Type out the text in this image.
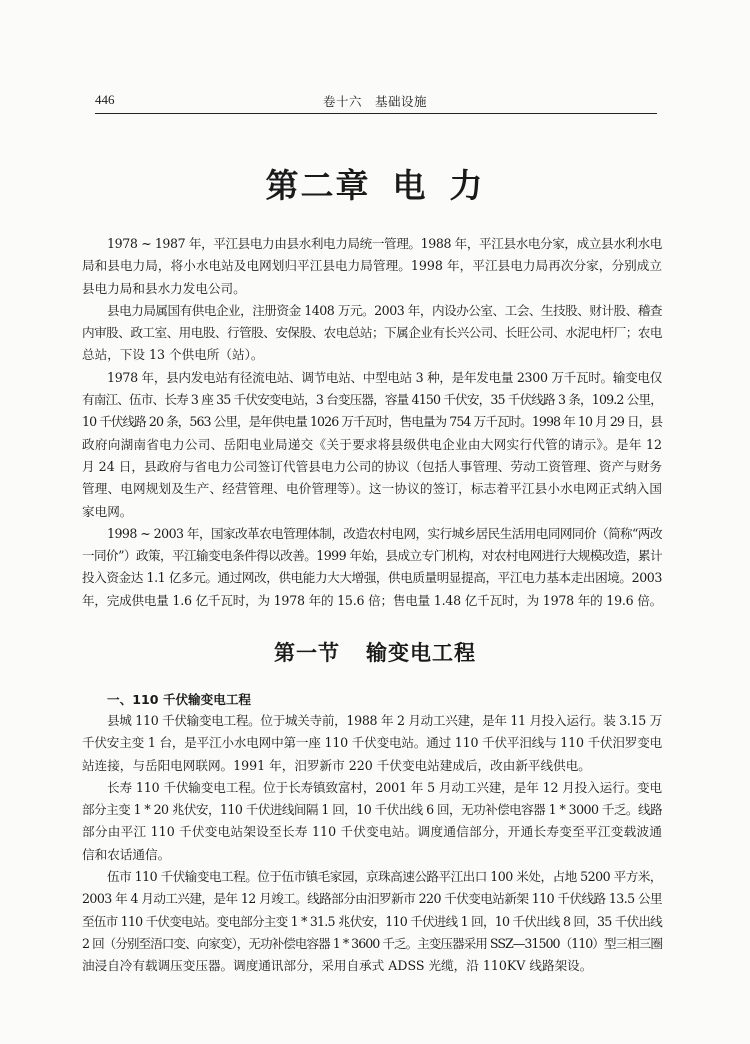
446	卷十六　基础设施
第二章 电 力
1978 ~ 1987 年，平江县电力由县水利电力局统一管理。1988 年，平江县水电分家，成立县水利水电
局和县电力局，将小水电站及电网划归平江县电力局管理。1998 年，平江县电力局再次分家，分别成立
县电力局和县水力发电公司。
县电力局属国有供电企业，注册资金 1408 万元。2003 年，内设办公室、工会、生技股、财计股、稽查
内审股、政工室、用电股、行管股、安保股、农电总站；下属企业有长兴公司、长旺公司、水泥电杆厂；农电
总站，下设 13 个供电所（站）。
1978 年，县内发电站有径流电站、调节电站、中型电站 3 种，是年发电量 2300 万千瓦时。输变电仅
有南江、伍市、长寿 3 座 35 千伏安变电站，3 台变压器，容量 4150 千伏安，35 千伏线路 3 条，109.2 公里，
10 千伏线路 20 条，563 公里，是年供电量 1026 万千瓦时，售电量为 754 万千瓦时。1998 年 10 月 29 日，县
政府向湖南省电力公司、岳阳电业局递交《关于要求将县级供电企业由大网实行代管的请示》。是年 12
月 24 日，县政府与省电力公司签订代管县电力公司的协议（包括人事管理、劳动工资管理、资产与财务
管理、电网规划及生产、经营管理、电价管理等）。这一协议的签订，标志着平江县小水电网正式纳入国
家电网。
1998 ~ 2003 年，国家改革农电管理体制，改造农村电网，实行城乡居民生活用电同网同价（简称“两改
一同价”）政策，平江输变电条件得以改善。1999 年始，县成立专门机构，对农村电网进行大规模改造，累计
投入资金达 1.1 亿多元。通过网改，供电能力大大增强，供电质量明显提高，平江电力基本走出困境。2003
年，完成供电量 1.6 亿千瓦时，为 1978 年的 15.6 倍；售电量 1.48 亿千瓦时，为 1978 年的 19.6 倍。
第一节 输变电工程
一、110 千伏输变电工程
县城 110 千伏输变电工程。位于城关寺前，1988 年 2 月动工兴建，是年 11 月投入运行。装 3.15 万
千伏安主变 1 台，是平江小水电网中第一座 110 千伏变电站。通过 110 千伏平汨线与 110 千伏汨罗变电
站连接，与岳阳电网联网。1991 年，汨罗新市 220 千伏变电站建成后，改由新平线供电。
长寿 110 千伏输变电工程。位于长寿镇致富村，2001 年 5 月动工兴建，是年 12 月投入运行。变电
部分主变 1 * 20 兆伏安，110 千伏进线间隔 1 回，10 千伏出线 6 回，无功补偿电容器 1 * 3000 千乏。线路
部分由平江 110 千伏变电站架设至长寿 110 千伏变电站。调度通信部分，开通长寿变至平江变载波通
信和农话通信。
伍市 110 千伏输变电工程。位于伍市镇毛家园，京珠高速公路平江出口 100 米处，占地 5200 平方米，
2003 年 4 月动工兴建，是年 12 月竣工。线路部分由汨罗新市 220 千伏变电站新架 110 千伏线路 13.5 公里
至伍市 110 千伏变电站。变电部分主变 1 * 31.5 兆伏安，110 千伏进线 1 回，10 千伏出线 8 回，35 千伏出线
2 回（分别至浯口变、向家变），无功补偿电容器 1 * 3600 千乏。主变压器采用 SSZ—31500（110）型三相三圈
油浸自冷有载调压变压器。调度通讯部分，采用自承式 ADSS 光缆，沿 110KV 线路架设。
